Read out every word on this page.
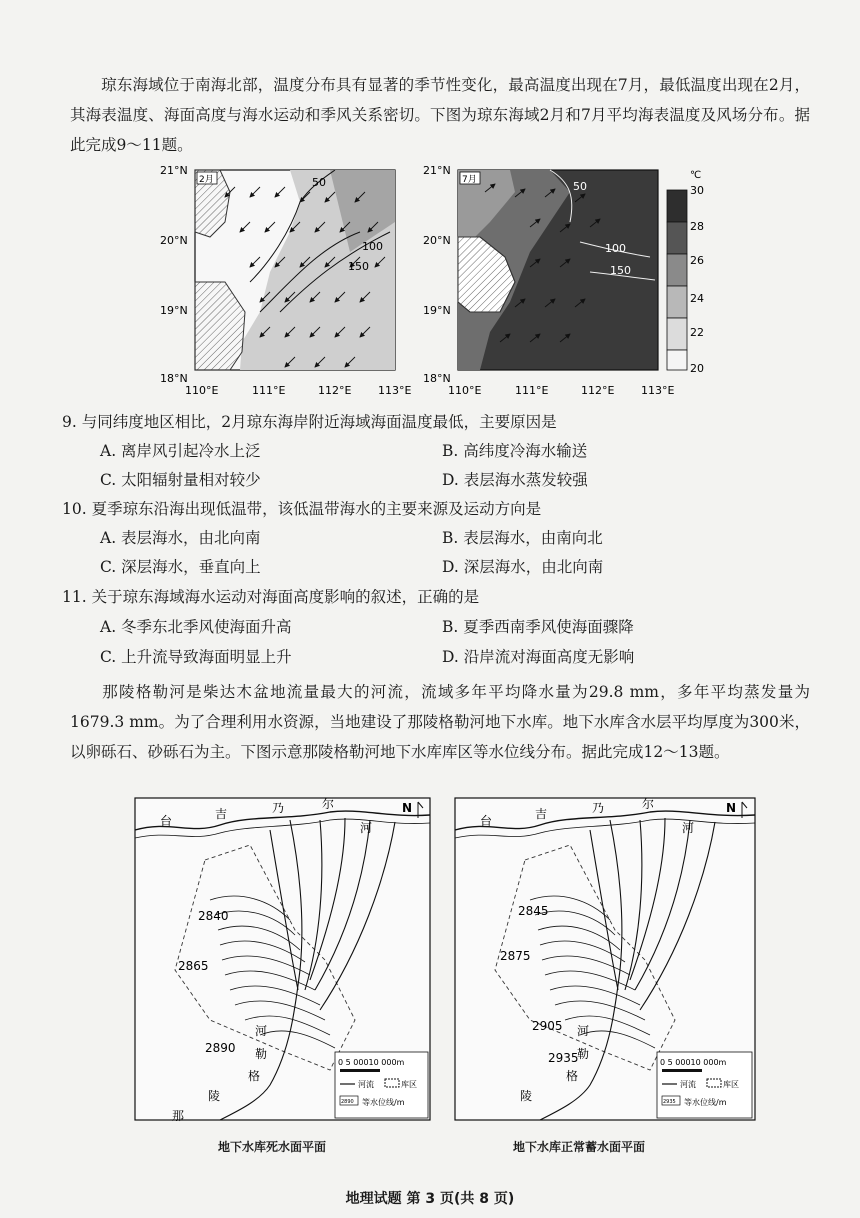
琼东海域位于南海北部，温度分布具有显著的季节性变化，最高温度出现在7月，最低温度出现在2月，其海表温度、海面高度与海水运动和季风关系密切。下图为琼东海域2月和7月平均海表温度及风场分布。据此完成9～11题。
2月	50
100
150
7月	50
100
150
21°N
20°N
19°N
18°N
21°N
20°N
19°N
18°N
110°E	111°E	112°E 113°E	110°E	111°E	112°E 113°E
℃
30
28
26
24
22
20
9. 与同纬度地区相比，2月琼东海岸附近海域海面温度最低，主要原因是
A. 离岸风引起冷水上泛	B. 高纬度冷海水输送
C. 太阳辐射量相对较少	D. 表层海水蒸发较强
10. 夏季琼东沿海出现低温带，该低温带海水的主要来源及运动方向是
A. 表层海水，由北向南	B. 表层海水，由南向北
C. 深层海水，垂直向上	D. 深层海水，由北向南
11. 关于琼东海域海水运动对海面高度影响的叙述，正确的是
A. 冬季东北季风使海面升高	B. 夏季西南季风使海面骤降
C. 上升流导致海面明显上升	D. 沿岸流对海面高度无影响
那陵格勒河是柴达木盆地流量最大的河流，流域多年平均降水量为29.8 mm，多年平均蒸发量为1679.3 mm。为了合理利用水资源，当地建设了那陵格勒河地下水库。地下水库含水层平均厚度为300米，以卵砾石、砂砾石为主。下图示意那陵格勒河地下水库库区等水位线分布。据此完成12～13题。
台	吉	乃	尔
河
N
2840
2865
2890
河
勒
格
陵
那
0 5 00010 000m
河流	库区
2890 等水位线/m
台	吉	乃	尔
河
N
2845
2875
2905
2935
河
勒
格
陵
0 5 00010 000m
河流	库区
2935 等水位线/m
地下水库死水面平面	地下水库正常蓄水面平面
地理试题 第 3 页(共 8 页)
